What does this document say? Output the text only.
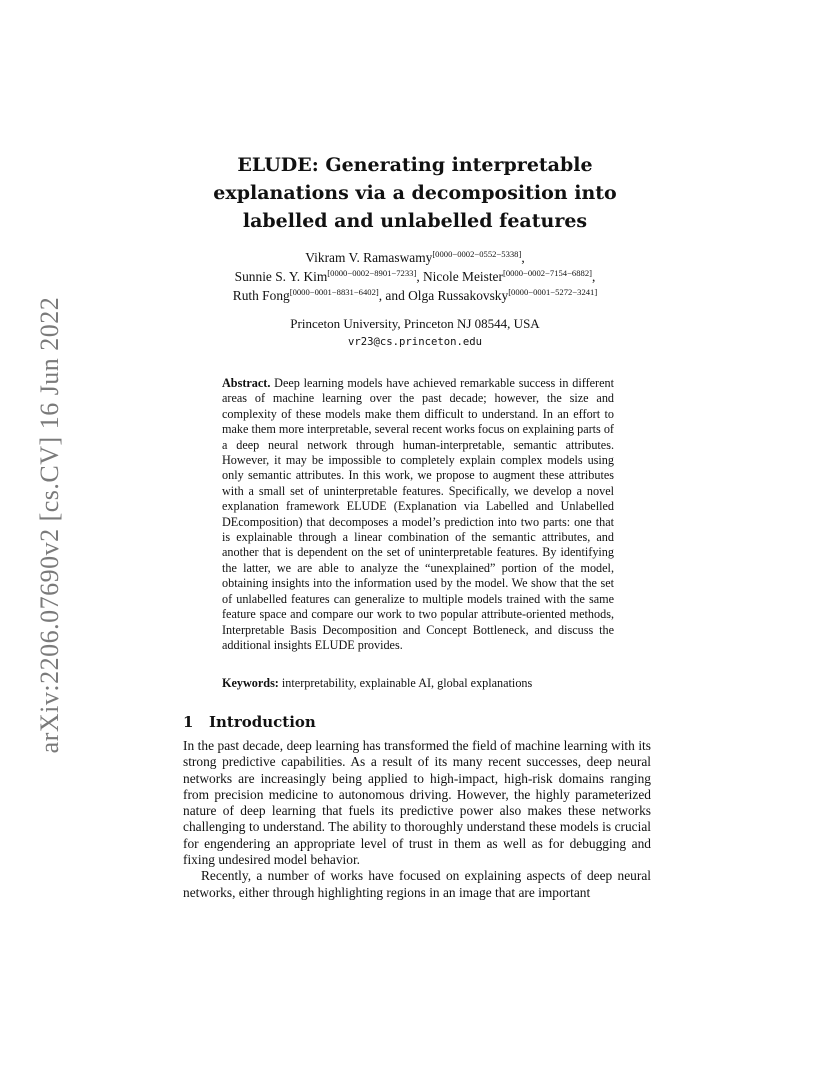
arXiv:2206.07690v2 [cs.CV] 16 Jun 2022
ELUDE: Generating interpretable
explanations via a decomposition into
labelled and unlabelled features
Vikram V. Ramaswamy[0000−0002−0552−5338],
Sunnie S. Y. Kim[0000−0002−8901−7233], Nicole Meister[0000−0002−7154−6882],
Ruth Fong[0000−0001−8831−6402], and Olga Russakovsky[0000−0001−5272−3241]
Princeton University, Princeton NJ 08544, USA
vr23@cs.princeton.edu
Abstract. Deep learning models have achieved remarkable success in different areas of machine learning over the past decade; however, the size and complexity of these models make them difficult to understand. In an effort to make them more interpretable, several recent works focus on explaining parts of a deep neural network through human-interpretable, semantic attributes. However, it may be impossible to completely explain complex models using only semantic attributes. In this work, we propose to augment these attributes with a small set of uninterpretable features. Specifically, we develop a novel explanation framework ELUDE (Explanation via Labelled and Unlabelled DEcomposition) that decomposes a model’s prediction into two parts: one that is explainable through a linear combination of the semantic attributes, and another that is dependent on the set of uninterpretable features. By identifying the latter, we are able to analyze the “unexplained” portion of the model, obtaining insights into the information used by the model. We show that the set of unlabelled features can generalize to multiple models trained with the same feature space and compare our work to two popular attribute-oriented methods, Interpretable Basis Decomposition and Concept Bottleneck, and discuss the additional insights ELUDE provides.
Keywords: interpretability, explainable AI, global explanations
1 Introduction

In the past decade, deep learning has transformed the field of machine learning with its strong predictive capabilities. As a result of its many recent successes, deep neural networks are increasingly being applied to high-impact, high-risk domains ranging from precision medicine to autonomous driving. However, the highly parameterized nature of deep learning that fuels its predictive power also makes these networks challenging to understand. The ability to thoroughly understand these models is crucial for engendering an appropriate level of trust in them as well as for debugging and fixing undesired model behavior.

Recently, a number of works have focused on explaining aspects of deep neural networks, either through highlighting regions in an image that are important
